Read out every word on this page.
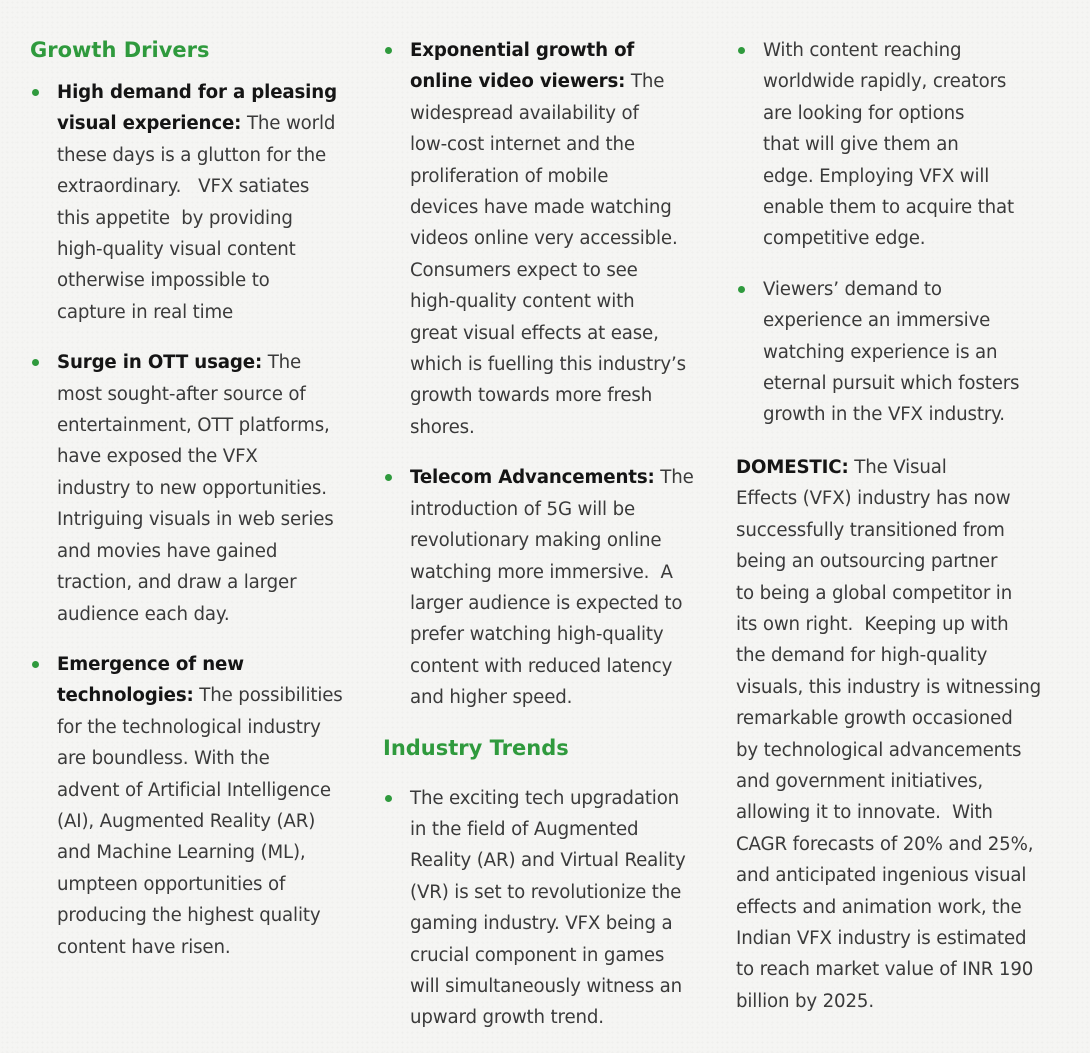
Growth Drivers
High demand for a pleasing
visual experience: The world
these days is a glutton for the
extraordinary.   VFX satiates
this appetite  by providing
high-quality visual content
otherwise impossible to
capture in real time
Surge in OTT usage: The
most sought-after source of
entertainment, OTT platforms,
have exposed the VFX
industry to new opportunities.
Intriguing visuals in web series
and movies have gained
traction, and draw a larger
audience each day.
Emergence of new
technologies: The possibilities
for the technological industry
are boundless. With the
advent of Artificial Intelligence
(AI), Augmented Reality (AR)
and Machine Learning (ML),
umpteen opportunities of
producing the highest quality
content have risen.
Exponential growth of
online video viewers: The
widespread availability of
low-cost internet and the
proliferation of mobile
devices have made watching
videos online very accessible.
Consumers expect to see
high-quality content with
great visual effects at ease,
which is fuelling this industry’s
growth towards more fresh
shores.
Telecom Advancements: The
introduction of 5G will be
revolutionary making online
watching more immersive.  A
larger audience is expected to
prefer watching high-quality
content with reduced latency
and higher speed.
Industry Trends
The exciting tech upgradation
in the field of Augmented
Reality (AR) and Virtual Reality
(VR) is set to revolutionize the
gaming industry. VFX being a
crucial component in games
will simultaneously witness an
upward growth trend.
With content reaching
worldwide rapidly, creators
are looking for options
that will give them an
edge. Employing VFX will
enable them to acquire that
competitive edge.
Viewers’ demand to
experience an immersive
watching experience is an
eternal pursuit which fosters
growth in the VFX industry.
DOMESTIC: The Visual
Effects (VFX) industry has now
successfully transitioned from
being an outsourcing partner
to being a global competitor in
its own right.  Keeping up with
the demand for high-quality
visuals, this industry is witnessing
remarkable growth occasioned
by technological advancements
and government initiatives,
allowing it to innovate.  With
CAGR forecasts of 20% and 25%,
and anticipated ingenious visual
effects and animation work, the
Indian VFX industry is estimated
to reach market value of INR 190
billion by 2025.
